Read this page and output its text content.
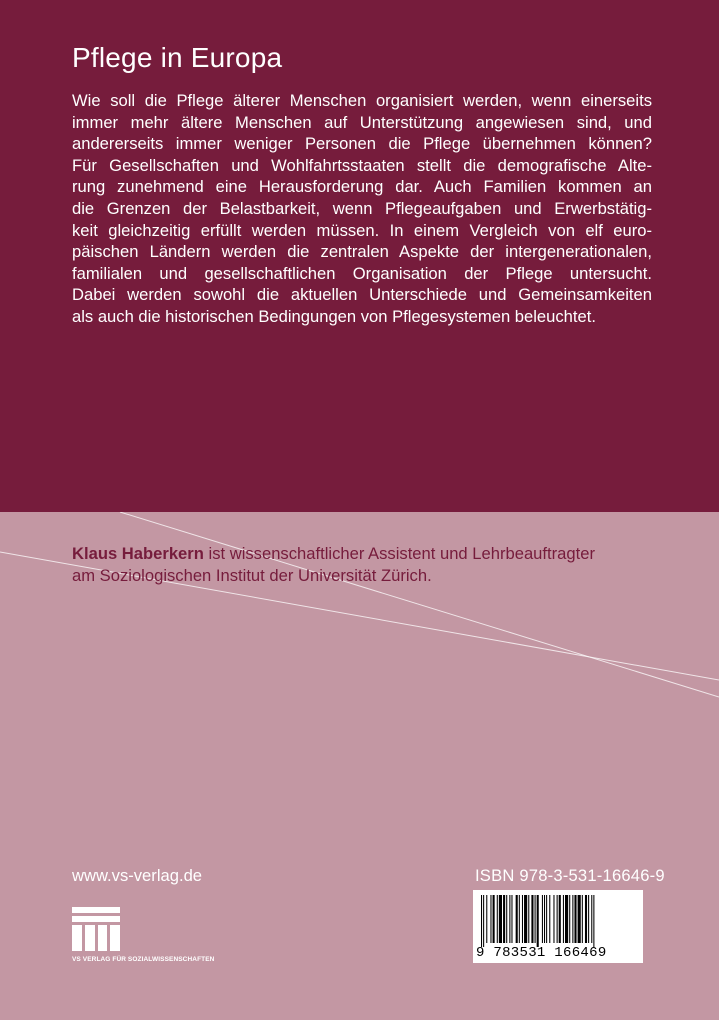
Pflege in Europa
Wie soll die Pflege älterer Menschen organisiert werden, wenn einerseits
immer mehr ältere Menschen auf Unterstützung angewiesen sind, und
andererseits immer weniger Personen die Pflege übernehmen können?
Für Gesellschaften und Wohlfahrtsstaaten stellt die demografische Alte-
rung zunehmend eine Herausforderung dar. Auch Familien kommen an
die Grenzen der Belastbarkeit, wenn Pflegeaufgaben und Erwerbstätig-
keit gleichzeitig erfüllt werden müssen. In einem Vergleich von elf euro-
päischen Ländern werden die zentralen Aspekte der intergenerationalen,
familialen und gesellschaftlichen Organisation der Pflege untersucht.
Dabei werden sowohl die aktuellen Unterschiede und Gemeinsamkeiten
als auch die historischen Bedingungen von Pflegesystemen beleuchtet.
Klaus Haberkern ist wissenschaftlicher Assistent und Lehrbeauftragter
am Soziologischen Institut der Universität Zürich.
www.vs-verlag.de
VS VERLAG FÜR SOZIALWISSENSCHAFTEN
ISBN 978-3-531-16646-9
9 783531 166469
